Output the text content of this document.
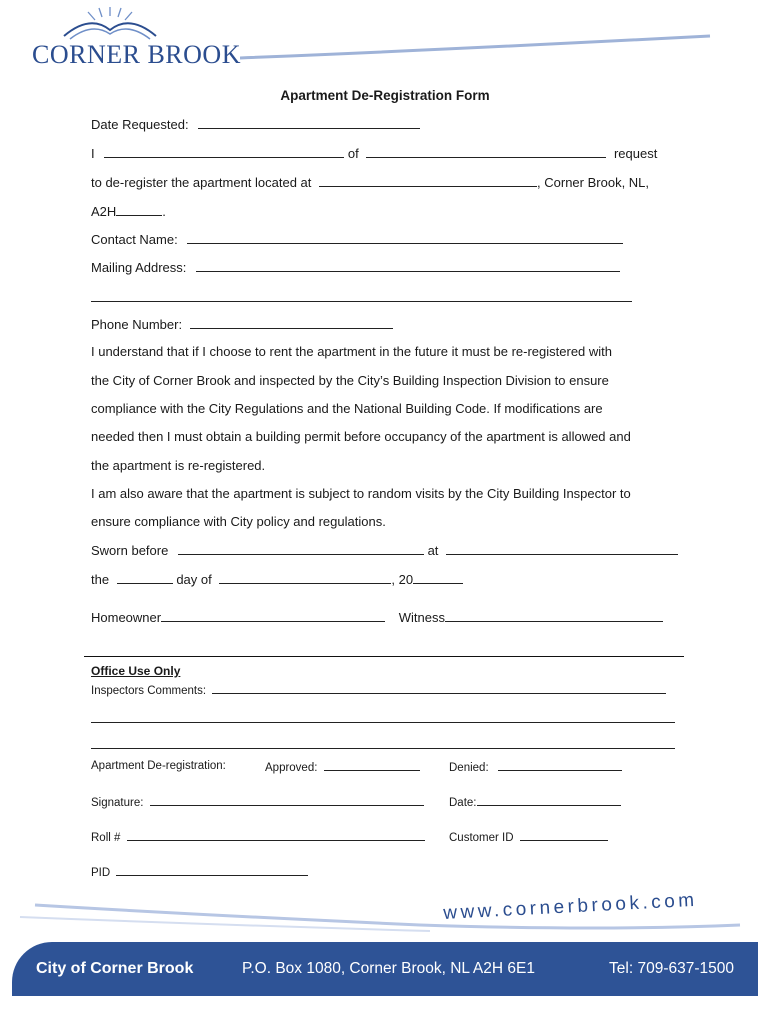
CORNER BROOK
Apartment De-Registration Form
Date Requested:
I	of	request
to de-register the apartment located at	, Corner Brook, NL,
A2H	.
Contact Name:
Mailing Address:
Phone Number:
I understand that if I choose to rent the apartment in the future it must be re-registered with
the City of Corner Brook and inspected by the City’s Building Inspection Division to ensure
compliance with the City Regulations and the National Building Code. If modifications are
needed then I must obtain a building permit before occupancy of the apartment is allowed and
the apartment is re-registered.
I am also aware that the apartment is subject to random visits by the City Building Inspector to
ensure compliance with City policy and regulations.
Sworn before	at
the	day of	, 20
Homeowner	Witness
Office Use Only
Inspectors Comments:
Apartment De-registration:	Approved:	Denied:
Signature:	Date:
Roll #	Customer ID
PID
www.cornerbrook.com
City of Corner Brook	P.O. Box 1080, Corner Brook, NL A2H 6E1	Tel: 709-637-1500
